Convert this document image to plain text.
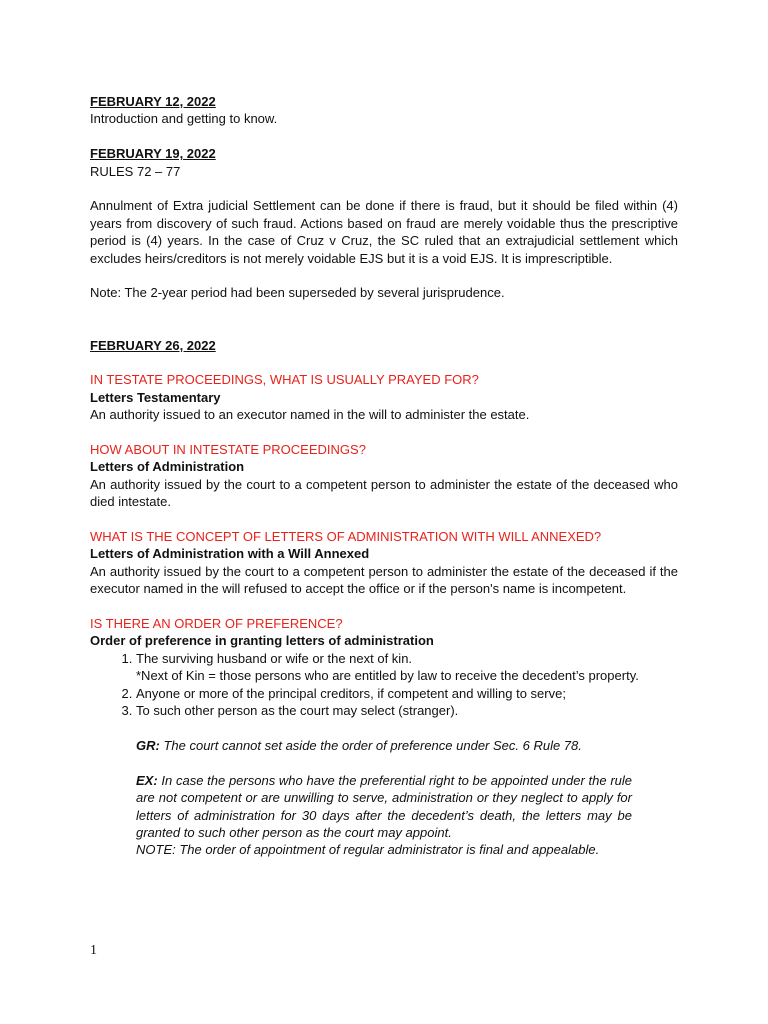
FEBRUARY 12, 2022
Introduction and getting to know.
FEBRUARY 19, 2022
RULES 72 – 77
Annulment of Extra judicial Settlement can be done if there is fraud, but it should be filed within (4) years from discovery of such fraud. Actions based on fraud are merely voidable thus the prescriptive period is (4) years. In the case of Cruz v Cruz, the SC ruled that an extrajudicial settlement which excludes heirs/creditors is not merely voidable EJS but it is a void EJS. It is imprescriptible.
Note: The 2-year period had been superseded by several jurisprudence.
FEBRUARY 26, 2022
IN TESTATE PROCEEDINGS, WHAT IS USUALLY PRAYED FOR?
Letters Testamentary
An authority issued to an executor named in the will to administer the estate.
HOW ABOUT IN INTESTATE PROCEEDINGS?
Letters of Administration
An authority issued by the court to a competent person to administer the estate of the deceased who died intestate.
WHAT IS THE CONCEPT OF LETTERS OF ADMINISTRATION WITH WILL ANNEXED?
Letters of Administration with a Will Annexed
An authority issued by the court to a competent person to administer the estate of the deceased if the executor named in the will refused to accept the office or if the person's name is incompetent.
IS THERE AN ORDER OF PREFERENCE?
Order of preference in granting letters of administration
1. The surviving husband or wife or the next of kin.
*Next of Kin = those persons who are entitled by law to receive the decedent’s property.
2. Anyone or more of the principal creditors, if competent and willing to serve;
3. To such other person as the court may select (stranger).
GR: The court cannot set aside the order of preference under Sec. 6 Rule 78.
EX: In case the persons who have the preferential right to be appointed under the rule are not competent or are unwilling to serve, administration or they neglect to apply for letters of administration for 30 days after the decedent’s death, the letters may be granted to such other person as the court may appoint.
NOTE: The order of appointment of regular administrator is final and appealable.
1
